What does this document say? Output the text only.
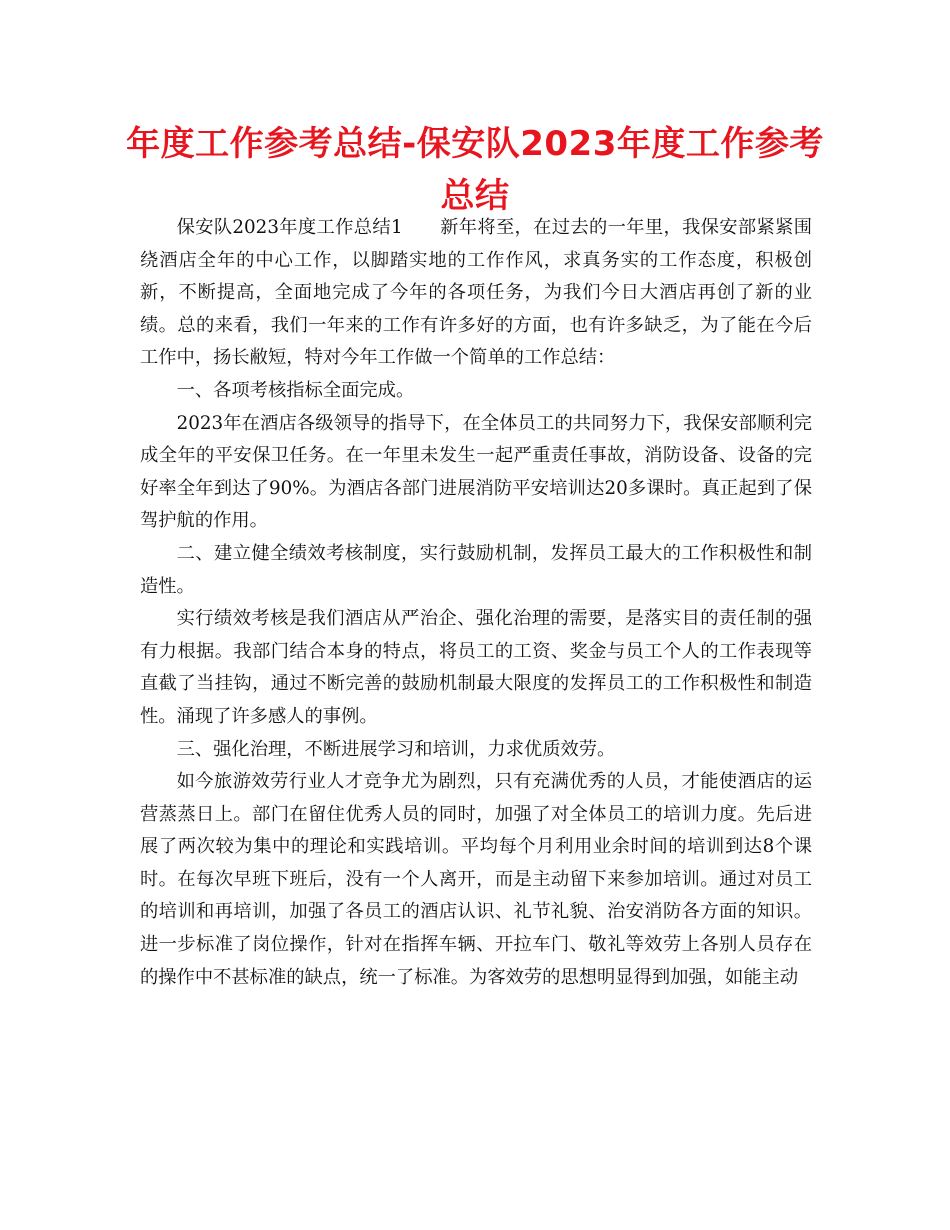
年度工作参考总结-保安队2023年度工作参考总结

保安队2023年度工作总结1　　新年将至，在过去的一年里，我保安部紧紧围绕酒店全年的中心工作，以脚踏实地的工作作风，求真务实的工作态度，积极创新，不断提高，全面地完成了今年的各项任务，为我们今日大酒店再创了新的业绩。总的来看，我们一年来的工作有许多好的方面，也有许多缺乏，为了能在今后工作中，扬长敝短，特对今年工作做一个简单的工作总结：

一、各项考核指标全面完成。

2023年在酒店各级领导的指导下，在全体员工的共同努力下，我保安部顺利完成全年的平安保卫任务。在一年里未发生一起严重责任事故，消防设备、设备的完好率全年到达了90%。为酒店各部门进展消防平安培训达20多课时。真正起到了保驾护航的作用。

二、建立健全绩效考核制度，实行鼓励机制，发挥员工最大的工作积极性和制造性。

实行绩效考核是我们酒店从严治企、强化治理的需要，是落实目的责任制的强有力根据。我部门结合本身的特点，将员工的工资、奖金与员工个人的工作表现等直截了当挂钩，通过不断完善的鼓励机制最大限度的发挥员工的工作积极性和制造性。涌现了许多感人的事例。

三、强化治理，不断进展学习和培训，力求优质效劳。

如今旅游效劳行业人才竞争尤为剧烈，只有充满优秀的人员，才能使酒店的运营蒸蒸日上。部门在留住优秀人员的同时，加强了对全体员工的培训力度。先后进展了两次较为集中的理论和实践培训。平均每个月利用业余时间的培训到达8个课时。在每次早班下班后，没有一个人离开，而是主动留下来参加培训。通过对员工的培训和再培训，加强了各员工的酒店认识、礼节礼貌、治安消防各方面的知识。进一步标准了岗位操作，针对在指挥车辆、开拉车门、敬礼等效劳上各别人员存在的操作中不甚标准的缺点，统一了标准。为客效劳的思想明显得到加强，如能主动
